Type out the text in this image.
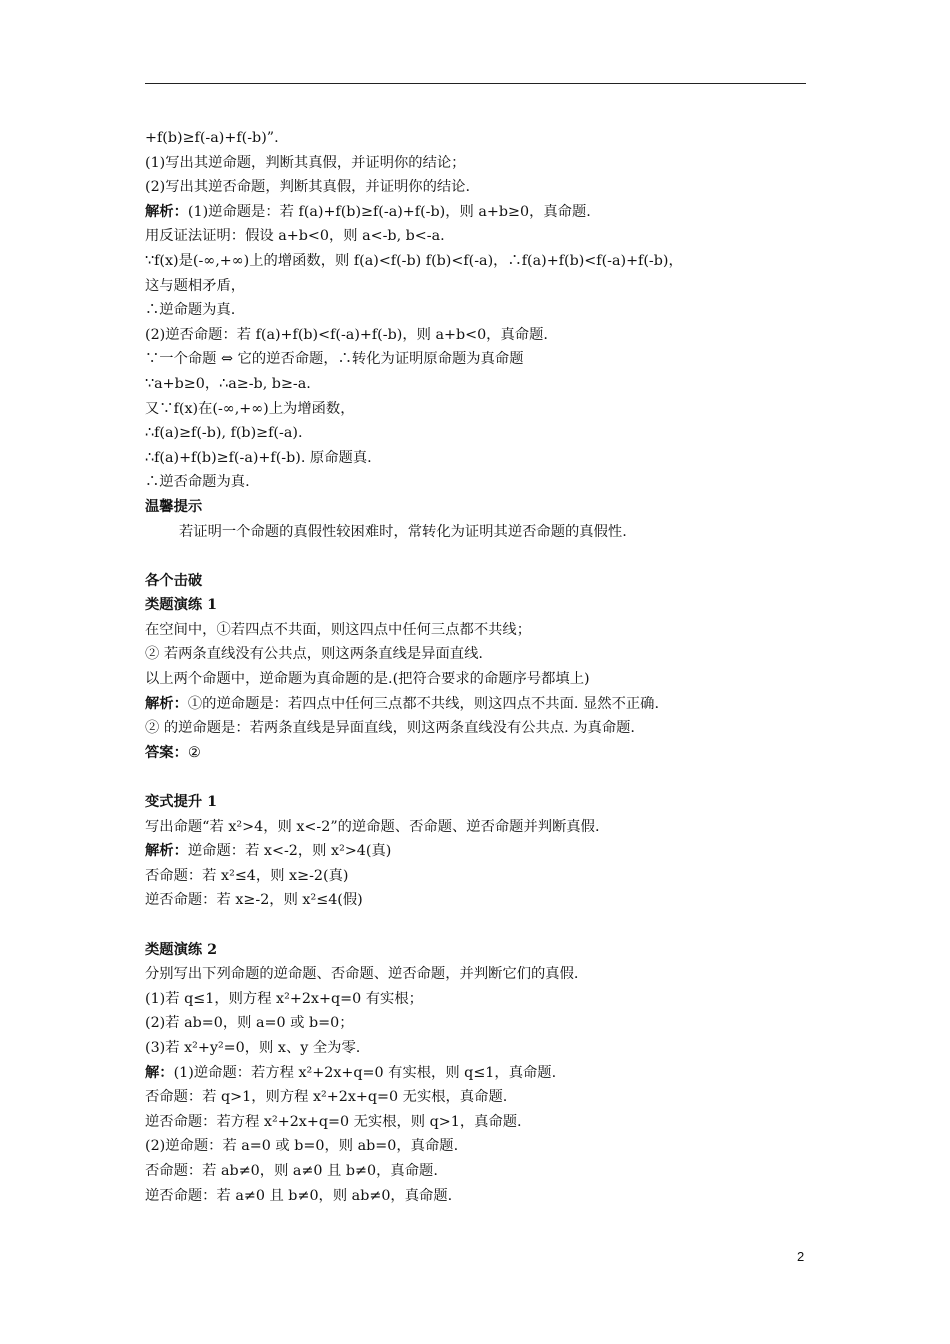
+f(b)≥f(-a)+f(-b)”.
(1)写出其逆命题，判断其真假，并证明你的结论；
(2)写出其逆否命题，判断其真假，并证明你的结论.
解析：(1)逆命题是：若 f(a)+f(b)≥f(-a)+f(-b)，则 a+b≥0，真命题.
用反证法证明：假设 a+b<0，则 a<-b, b<-a.
∵f(x)是(-∞,+∞)上的增函数，则 f(a)<f(-b) f(b)<f(-a)，∴f(a)+f(b)<f(-a)+f(-b)，
这与题相矛盾，
∴逆命题为真.
(2)逆否命题：若 f(a)+f(b)<f(-a)+f(-b)，则 a+b<0，真命题.
∵一个命题 ⇔ 它的逆否命题，∴转化为证明原命题为真命题
∵a+b≥0，∴a≥-b, b≥-a.
又∵f(x)在(-∞,+∞)上为增函数，
∴f(a)≥f(-b), f(b)≥f(-a).
∴f(a)+f(b)≥f(-a)+f(-b). 原命题真.
∴逆否命题为真.
温馨提示
若证明一个命题的真假性较困难时，常转化为证明其逆否命题的真假性.
各个击破
类题演练 1
在空间中，①若四点不共面，则这四点中任何三点都不共线；
② 若两条直线没有公共点，则这两条直线是异面直线.
以上两个命题中，逆命题为真命题的是.(把符合要求的命题序号都填上)
解析：①的逆命题是：若四点中任何三点都不共线，则这四点不共面. 显然不正确.
② 的逆命题是：若两条直线是异面直线，则这两条直线没有公共点. 为真命题.
答案：②
变式提升 1
写出命题“若 x²>4，则 x<-2”的逆命题、否命题、逆否命题并判断真假.
解析：逆命题：若 x<-2，则 x²>4(真)
否命题：若 x²≤4，则 x≥-2(真)
逆否命题：若 x≥-2，则 x²≤4(假)
类题演练 2
分别写出下列命题的逆命题、否命题、逆否命题，并判断它们的真假.
(1)若 q≤1，则方程 x²+2x+q=0 有实根；
(2)若 ab=0，则 a=0 或 b=0；
(3)若 x²+y²=0，则 x、y 全为零.
解：(1)逆命题：若方程 x²+2x+q=0 有实根，则 q≤1，真命题.
否命题：若 q>1，则方程 x²+2x+q=0 无实根，真命题.
逆否命题：若方程 x²+2x+q=0 无实根，则 q>1，真命题.
(2)逆命题：若 a=0 或 b=0，则 ab=0，真命题.
否命题：若 ab≠0，则 a≠0 且 b≠0，真命题.
逆否命题：若 a≠0 且 b≠0，则 ab≠0，真命题.
2
